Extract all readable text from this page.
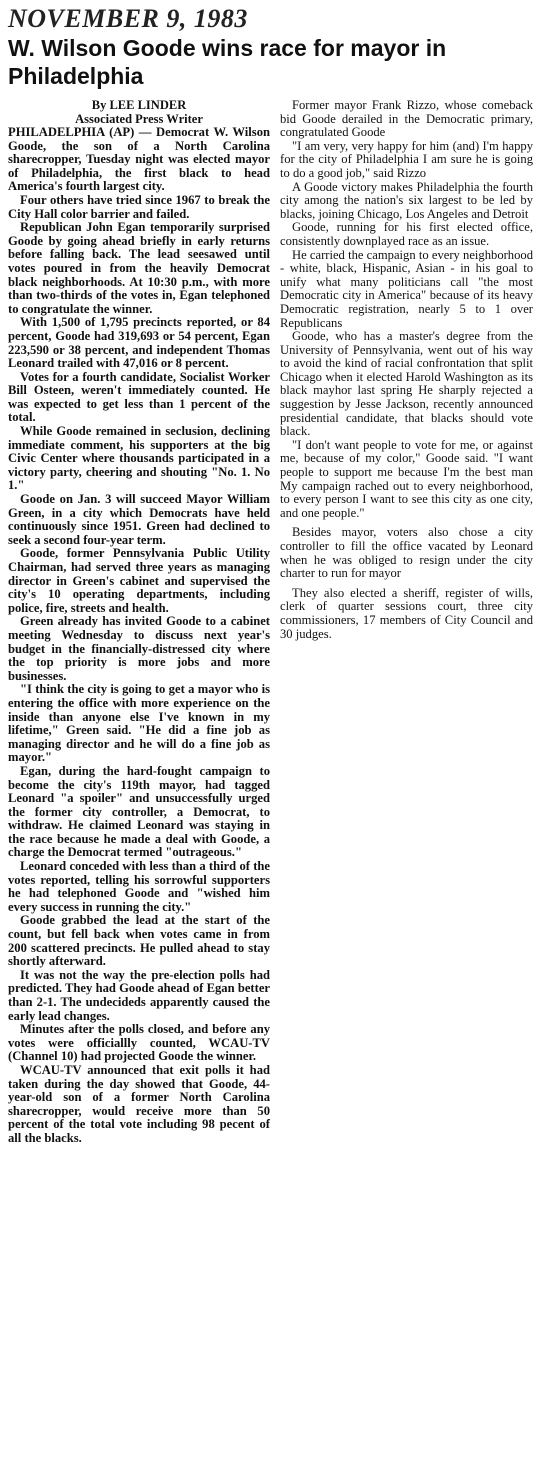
NOVEMBER 9, 1983
W. Wilson Goode wins race for mayor in Philadelphia

By LEE LINDER

Associated Press Writer

PHILADELPHIA (AP) — Democrat W. Wilson Goode, the son of a North Carolina sharecropper, Tuesday night was elected mayor of Philadelphia, the first black to head America's fourth largest city.

Four others have tried since 1967 to break the City Hall color barrier and failed.

Republican John Egan temporarily surprised Goode by going ahead briefly in early returns before falling back. The lead seesawed until votes poured in from the heavily Democrat black neighborhoods. At 10:30 p.m., with more than two-thirds of the votes in, Egan telephoned to congratulate the winner.

With 1,500 of 1,795 precincts reported, or 84 percent, Goode had 319,693 or 54 percent, Egan 223,590 or 38 percent, and independent Thomas Leonard trailed with 47,016 or 8 percent.

Votes for a fourth candidate, Socialist Worker Bill Osteen, weren't immediately counted. He was expected to get less than 1 percent of the total.

While Goode remained in seclusion, declining immediate comment, his supporters at the big Civic Center where thousands participated in a victory party, cheering and shouting "No. 1. No 1."

Goode on Jan. 3 will succeed Mayor William Green, in a city which Democrats have held continuously since 1951. Green had declined to seek a second four-year term.

Goode, former Pennsylvania Public Utility Chairman, had served three years as managing director in Green's cabinet and supervised the city's 10 operating departments, including police, fire, streets and health.

Green already has invited Goode to a cabinet meeting Wednesday to discuss next year's budget in the financially-distressed city where the top priority is more jobs and more businesses.

"I think the city is going to get a mayor who is entering the office with more experience on the inside than anyone else I've known in my lifetime," Green said. "He did a fine job as managing director and he will do a fine job as mayor."

Egan, during the hard-fought campaign to become the city's 119th mayor, had tagged Leonard "a spoiler" and unsuccessfully urged the former city controller, a Democrat, to withdraw. He claimed Leonard was staying in the race because he made a deal with Goode, a charge the Democrat termed "outrageous."

Leonard conceded with less than a third of the votes reported, telling his sorrowful supporters he had telephoned Goode and "wished him every success in running the city."

Goode grabbed the lead at the start of the count, but fell back when votes came in from 200 scattered precincts. He pulled ahead to stay shortly afterward.

It was not the way the pre-election polls had predicted. They had Goode ahead of Egan better than 2-1. The undecideds apparently caused the early lead changes.

Minutes after the polls closed, and before any votes were officiallly counted, WCAU-TV (Channel 10) had projected Goode the winner.

WCAU-TV announced that exit polls it had taken during the day showed that Goode, 44-year-old son of a former North Carolina sharecropper, would receive more than 50 percent of the total vote including 98 pecent of all the blacks.

Former mayor Frank Rizzo, whose comeback bid Goode derailed in the Democratic primary, congratulated Goode

"I am very, very happy for him (and) I'm happy for the city of Philadelphia I am sure he is going to do a good job," said Rizzo

A Goode victory makes Philadelphia the fourth city among the nation's six largest to be led by blacks, joining Chicago, Los Angeles and Detroit

Goode, running for his first elected office, consistently downplayed race as an issue.

He carried the campaign to every neighborhood - white, black, Hispanic, Asian - in his goal to unify what many politicians call "the most Democratic city in America" because of its heavy Democratic registration, nearly 5 to 1 over Republicans

Goode, who has a master's degree from the University of Pennsylvania, went out of his way to avoid the kind of racial confrontation that split Chicago when it elected Harold Washington as its black mayhor last spring He sharply rejected a suggestion by Jesse Jackson, recently announced presidential candidate, that blacks should vote black.

"I don't want people to vote for me, or against me, because of my color," Goode said. "I want people to support me because I'm the best man My campaign rached out to every neighborhood, to every person I want to see this city as one city, and one people."

Besides mayor, voters also chose a city controller to fill the office vacated by Leonard when he was obliged to resign under the city charter to run for mayor

They also elected a sheriff, register of wills, clerk of quarter sessions court, three city commissioners, 17 members of City Council and 30 judges.
